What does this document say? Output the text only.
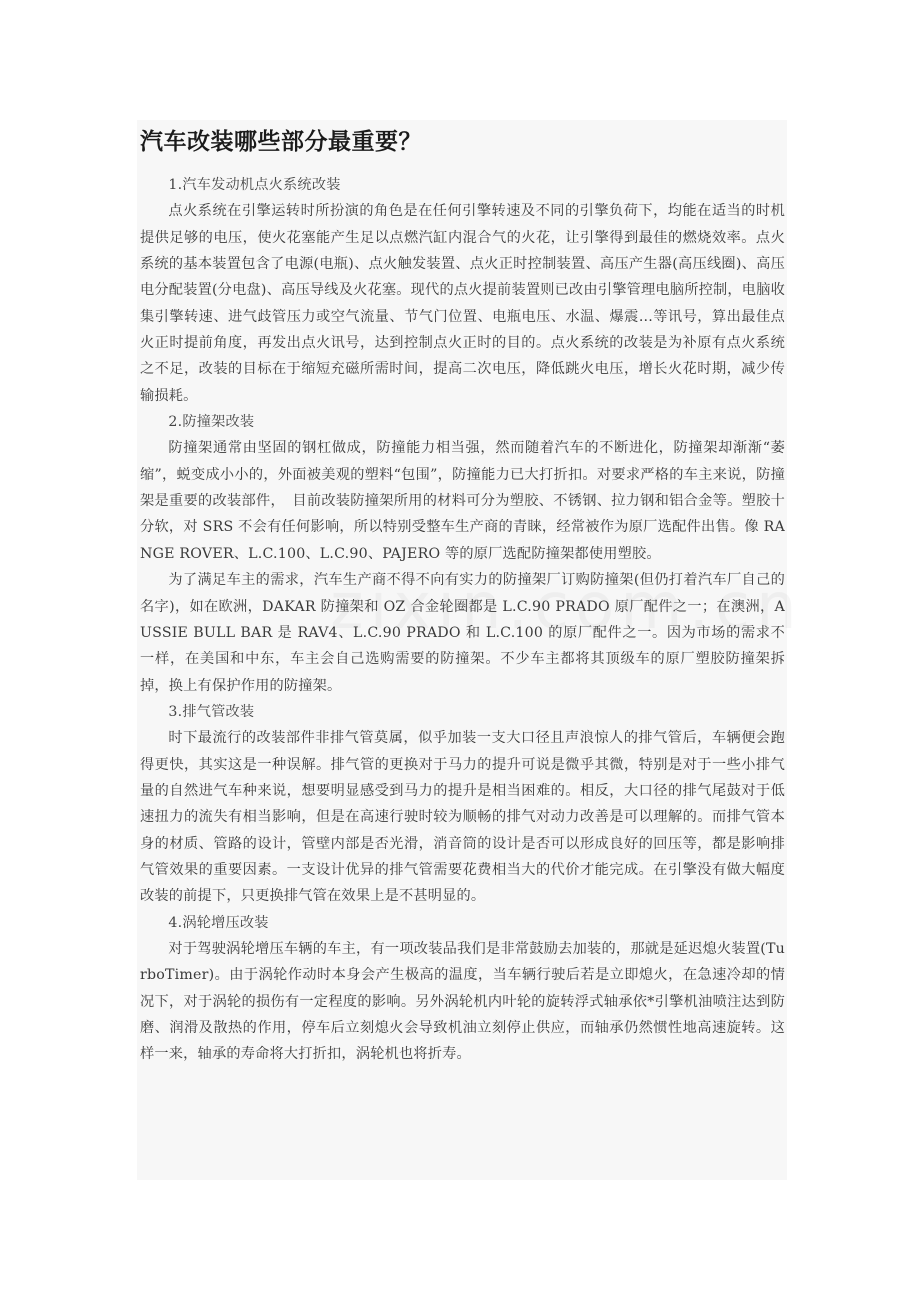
汽车改装哪些部分最重要？

1.汽车发动机点火系统改装

点火系统在引擎运转时所扮演的角色是在任何引擎转速及不同的引擎负荷下，均能在适当的时机提供足够的电压，使火花塞能产生足以点燃汽缸内混合气的火花，让引擎得到最佳的燃烧效率。点火系统的基本装置包含了电源(电瓶)、点火触发装置、点火正时控制装置、高压产生器(高压线圈)、高压电分配装置(分电盘)、高压导线及火花塞。现代的点火提前装置则已改由引擎管理电脑所控制，电脑收集引擎转速、进气歧管压力或空气流量、节气门位置、电瓶电压、水温、爆震...等讯号，算出最佳点火正时提前角度，再发出点火讯号，达到控制点火正时的目的。点火系统的改装是为补原有点火系统之不足，改装的目标在于缩短充磁所需时间，提高二次电压，降低跳火电压，增长火花时期，减少传输损耗。

2.防撞架改装

防撞架通常由坚固的钢杠做成，防撞能力相当强，然而随着汽车的不断进化，防撞架却渐渐“萎缩”，蜕变成小小的，外面被美观的塑料“包围”，防撞能力已大打折扣。对要求严格的车主来说，防撞架是重要的改装部件，　目前改装防撞架所用的材料可分为塑胶、不锈钢、拉力钢和铝合金等。塑胶十分软，对 SRS 不会有任何影响，所以特别受整车生产商的青睐，经常被作为原厂选配件出售。像 RANGE ROVER、L.C.100、L.C.90、PAJERO 等的原厂选配防撞架都使用塑胶。

为了满足车主的需求，汽车生产商不得不向有实力的防撞架厂订购防撞架(但仍打着汽车厂自己的名字)，如在欧洲，DAKAR 防撞架和 OZ 合金轮圈都是 L.C.90 PRADO 原厂配件之一；在澳洲，AUSSIE BULL BAR 是 RAV4、L.C.90 PRADO 和 L.C.100 的原厂配件之一。因为市场的需求不一样，在美国和中东，车主会自己选购需要的防撞架。不少车主都将其顶级车的原厂塑胶防撞架拆掉，换上有保护作用的防撞架。

3.排气管改装

时下最流行的改装部件非排气管莫属，似乎加装一支大口径且声浪惊人的排气管后，车辆便会跑得更快，其实这是一种误解。排气管的更换对于马力的提升可说是微乎其微，特别是对于一些小排气量的自然进气车种来说，想要明显感受到马力的提升是相当困难的。相反，大口径的排气尾鼓对于低速扭力的流失有相当影响，但是在高速行驶时较为顺畅的排气对动力改善是可以理解的。而排气管本身的材质、管路的设计，管壁内部是否光滑，消音筒的设计是否可以形成良好的回压等，都是影响排气管效果的重要因素。一支设计优异的排气管需要花费相当大的代价才能完成。在引擎没有做大幅度改装的前提下，只更换排气管在效果上是不甚明显的。

4.涡轮增压改装

对于驾驶涡轮增压车辆的车主，有一项改装品我们是非常鼓励去加装的，那就是延迟熄火装置(TurboTimer)。由于涡轮作动时本身会产生极高的温度，当车辆行驶后若是立即熄火，在急速冷却的情况下，对于涡轮的损伤有一定程度的影响。另外涡轮机内叶轮的旋转浮式轴承依*引擎机油喷注达到防磨、润滑及散热的作用，停车后立刻熄火会导致机油立刻停止供应，而轴承仍然惯性地高速旋转。这样一来，轴承的寿命将大打折扣，涡轮机也将折寿。
